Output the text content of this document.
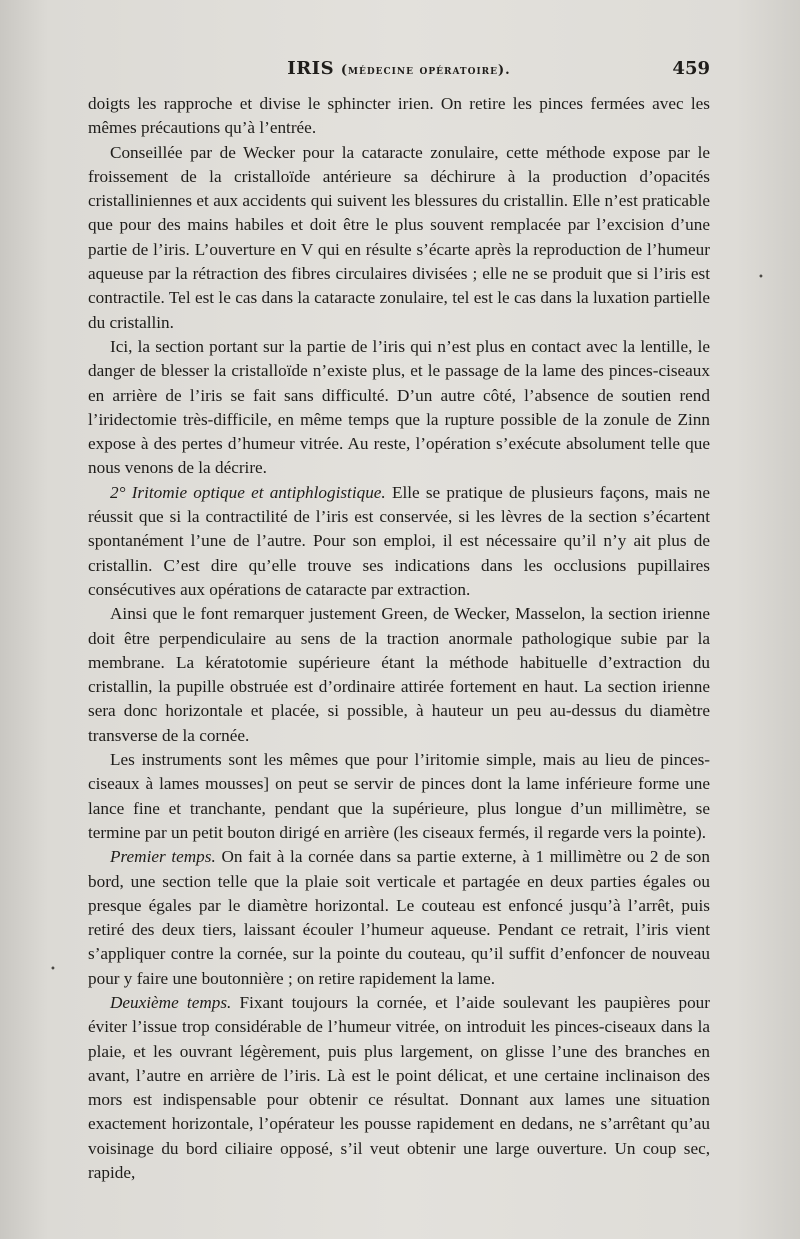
IRIS (médecine opératoire).	459

doigts les rapproche et divise le sphincter irien. On retire les pinces fermées avec les mêmes précautions qu’à l’entrée.

Conseillée par de Wecker pour la cataracte zonulaire, cette méthode expose par le froissement de la cristalloïde antérieure sa déchirure à la production d’opacités cristalliniennes et aux accidents qui suivent les blessures du cristallin. Elle n’est praticable que pour des mains habiles et doit être le plus souvent remplacée par l’excision d’une partie de l’iris. L’ouverture en V qui en résulte s’écarte après la reproduction de l’humeur aqueuse par la rétraction des fibres circulaires divisées ; elle ne se produit que si l’iris est contractile. Tel est le cas dans la cataracte zonulaire, tel est le cas dans la luxation partielle du cristallin.

Ici, la section portant sur la partie de l’iris qui n’est plus en contact avec la lentille, le danger de blesser la cristalloïde n’existe plus, et le passage de la lame des pinces-ciseaux en arrière de l’iris se fait sans difficulté. D’un autre côté, l’absence de soutien rend l’iridectomie très-difficile, en même temps que la rupture possible de la zonule de Zinn expose à des pertes d’humeur vitrée. Au reste, l’opération s’exécute absolument telle que nous venons de la décrire.

2° Iritomie optique et antiphlogistique. Elle se pratique de plusieurs façons, mais ne réussit que si la contractilité de l’iris est conservée, si les lèvres de la section s’écartent spontanément l’une de l’autre. Pour son emploi, il est nécessaire qu’il n’y ait plus de cristallin. C’est dire qu’elle trouve ses indications dans les occlusions pupillaires consécutives aux opérations de cataracte par extraction.

Ainsi que le font remarquer justement Green, de Wecker, Masselon, la section irienne doit être perpendiculaire au sens de la traction anormale pathologique subie par la membrane. La kératotomie supérieure étant la méthode habituelle d’extraction du cristallin, la pupille obstruée est d’ordinaire attirée fortement en haut. La section irienne sera donc horizontale et placée, si possible, à hauteur un peu au-dessus du diamètre transverse de la cornée.

Les instruments sont les mêmes que pour l’iritomie simple, mais au lieu de pinces-ciseaux à lames mousses] on peut se servir de pinces dont la lame inférieure forme une lance fine et tranchante, pendant que la supérieure, plus longue d’un millimètre, se termine par un petit bouton dirigé en arrière (les ciseaux fermés, il regarde vers la pointe).

Premier temps. On fait à la cornée dans sa partie externe, à 1 millimètre ou 2 de son bord, une section telle que la plaie soit verticale et partagée en deux parties égales ou presque égales par le diamètre horizontal. Le couteau est enfoncé jusqu’à l’arrêt, puis retiré des deux tiers, laissant écouler l’humeur aqueuse. Pendant ce retrait, l’iris vient s’appliquer contre la cornée, sur la pointe du couteau, qu’il suffit d’enfoncer de nouveau pour y faire une boutonnière ; on retire rapidement la lame.

Deuxième temps. Fixant toujours la cornée, et l’aide soulevant les paupières pour éviter l’issue trop considérable de l’humeur vitrée, on introduit les pinces-ciseaux dans la plaie, et les ouvrant légèrement, puis plus largement, on glisse l’une des branches en avant, l’autre en arrière de l’iris. Là est le point délicat, et une certaine inclinaison des mors est indispensable pour obtenir ce résultat. Donnant aux lames une situation exactement horizontale, l’opérateur les pousse rapidement en dedans, ne s’arrêtant qu’au voisinage du bord ciliaire opposé, s’il veut obtenir une large ouverture. Un coup sec, rapide,

•
•
